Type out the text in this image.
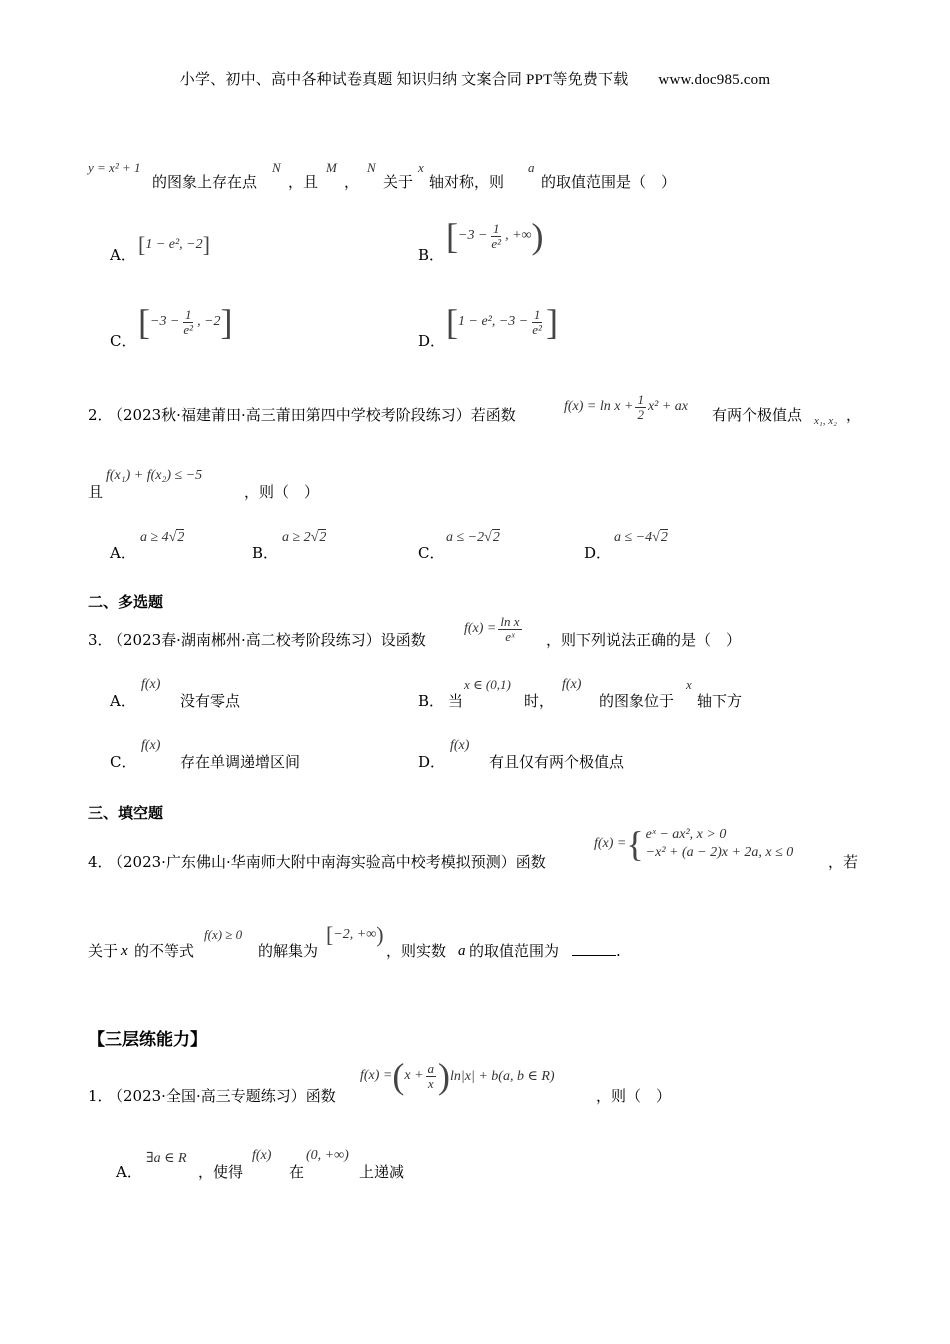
小学、初中、高中各种试卷真题 知识归纳 文案合同 PPT等免费下载 www.doc985.com
y = x² + 1
的图象上存在点
N
，且
M
，
N
关于
x
轴对称，则
a
的取值范围是（　）
A． [1 − e², −2]	B． [ $-3 - \frac{1}{\text{e²}}$ , +∞ )
C． [ $-3 - \frac{1}{\text{e²}}$ , −2 ]	D． [ 1 − e², $-3 - \frac{1}{\text{e²}}$ ]
2．
（2023秋·福建莆田·高三莆田第四中学校考阶段练习）若函数	$f(x) = \ln x + \frac{1}{2} x^2$ + ax 有两个极值点 x₁, x₂ ，
且
f(x₁) + f(x₂) ≤ −5
，则（　）
A．
a ≥ 4√2
B．
a ≥ 2√2
C．
a ≤ −2√2
D．
a ≤ −4√2
二、多选题
3．
（2023春·湖南郴州·高二校考阶段练习）设函数
$f(x) = \frac{\text{ln x}}{\text{eˣ}}$ ，则下列说法正确的是（　）
A．
f(x)
没有零点	B． 当
x ∈ (0,1)
时，
f(x)
的图象位于
x
轴下方
C．
f(x)
存在单调递增区间	D．
f(x)
有且仅有两个极值点
三、填空题
4．
（2023·广东佛山·华南师大附中南海实验高中校考模拟预测）函数
f(x) = { eˣ − ax², x > 0
−x² + (a − 2)x + 2a, x ≤ 0
，若
关于 x 的不等式
f(x) ≥ 0
的解集为
[−2, +∞)
，则实数 a 的取值范围为	.
【三层练能力】
1．
（2023·全国·高三专题练习）函数
f(x) = ( $x + \frac{a}{x}$ ) ln|x| + b(a, b ∈ R)
，则（　）
A．
∃a ∈ R
，使得
f(x)
在
(0, +∞)
上递减
